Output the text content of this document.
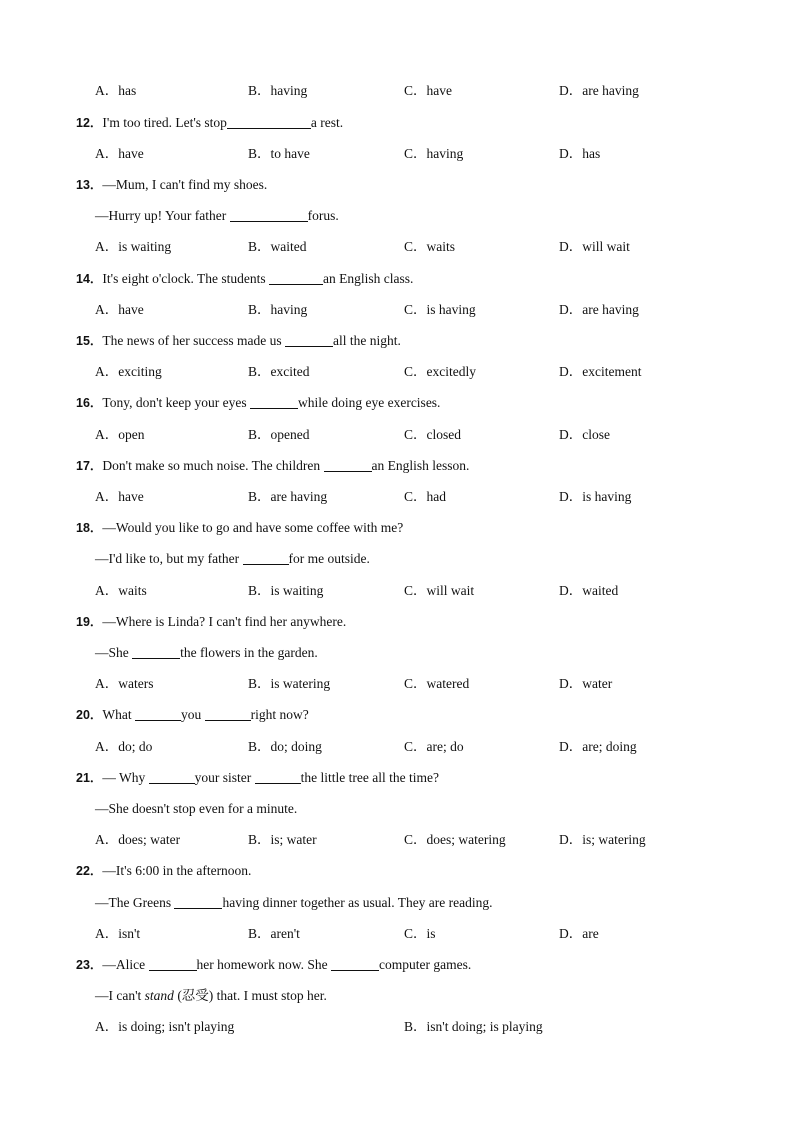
A．has	B．having	C．have	D．are having
12．I'm too tired. Let's stop	a rest.
A．have	B．to have	C．having	D．has
13．—Mum, I can't find my shoes.
—Hurry up! Your father	forus.
A．is waiting	B．waited	C．waits	D．will wait
14．It's eight o'clock. The students	an English class.
A．have	B．having	C．is having	D．are having
15．The news of her success made us	all the night.
A．exciting	B．excited	C．excitedly	D．excitement
16．Tony, don't keep your eyes	while doing eye exercises.
A．open	B．opened	C．closed	D．close
17．Don't make so much noise. The children	an English lesson.
A．have	B．are having	C．had	D．is having
18．—Would you like to go and have some coffee with me?
—I'd like to, but my father	for me outside.
A．waits	B．is waiting	C．will wait	D．waited
19．—Where is Linda? I can't find her anywhere.
—She	the flowers in the garden.
A．waters	B．is watering	C．watered	D．water
20．What	you	right now?
A．do; do	B．do; doing	C．are; do	D．are; doing
21．— Why	your sister	the little tree all the time?
—She doesn't stop even for a minute.
A．does; water	B．is; water	C．does; watering	D．is; watering
22．—It's 6:00 in the afternoon.
—The Greens	having dinner together as usual. They are reading.
A．isn't	B．aren't	C．is	D．are
23．—Alice	her homework now. She	computer games.
—I can't stand (忍受) that. I must stop her.
A．is doing; isn't playing	B．isn't doing; is playing
